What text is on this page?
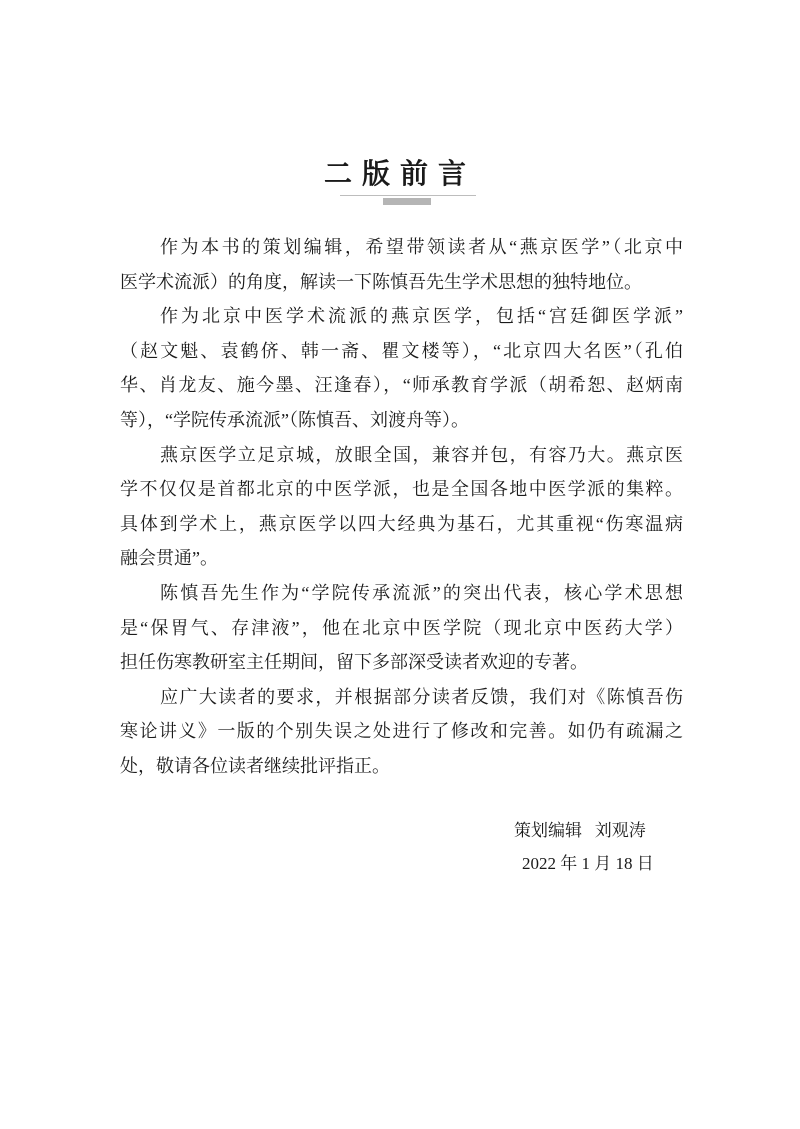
二版前言
作为本书的策划编辑，希望带领读者从“燕京医学”（北京中
医学术流派）的角度，解读一下陈慎吾先生学术思想的独特地位。
作为北京中医学术流派的燕京医学，包括“宫廷御医学派”
（赵文魁、袁鹤侪、韩一斋、瞿文楼等），“北京四大名医”（孔伯
华、肖龙友、施今墨、汪逢春），“师承教育学派（胡希恕、赵炳南
等），“学院传承流派”（陈慎吾、刘渡舟等）。
燕京医学立足京城，放眼全国，兼容并包，有容乃大。燕京医
学不仅仅是首都北京的中医学派，也是全国各地中医学派的集粹。
具体到学术上，燕京医学以四大经典为基石，尤其重视“伤寒温病
融会贯通”。
陈慎吾先生作为“学院传承流派”的突出代表，核心学术思想
是“保胃气、存津液”，他在北京中医学院（现北京中医药大学）
担任伤寒教研室主任期间，留下多部深受读者欢迎的专著。
应广大读者的要求，并根据部分读者反馈，我们对《陈慎吾伤
寒论讲义》一版的个别失误之处进行了修改和完善。如仍有疏漏之
处，敬请各位读者继续批评指正。
策划编辑 刘观涛
2022 年 1 月 18 日
